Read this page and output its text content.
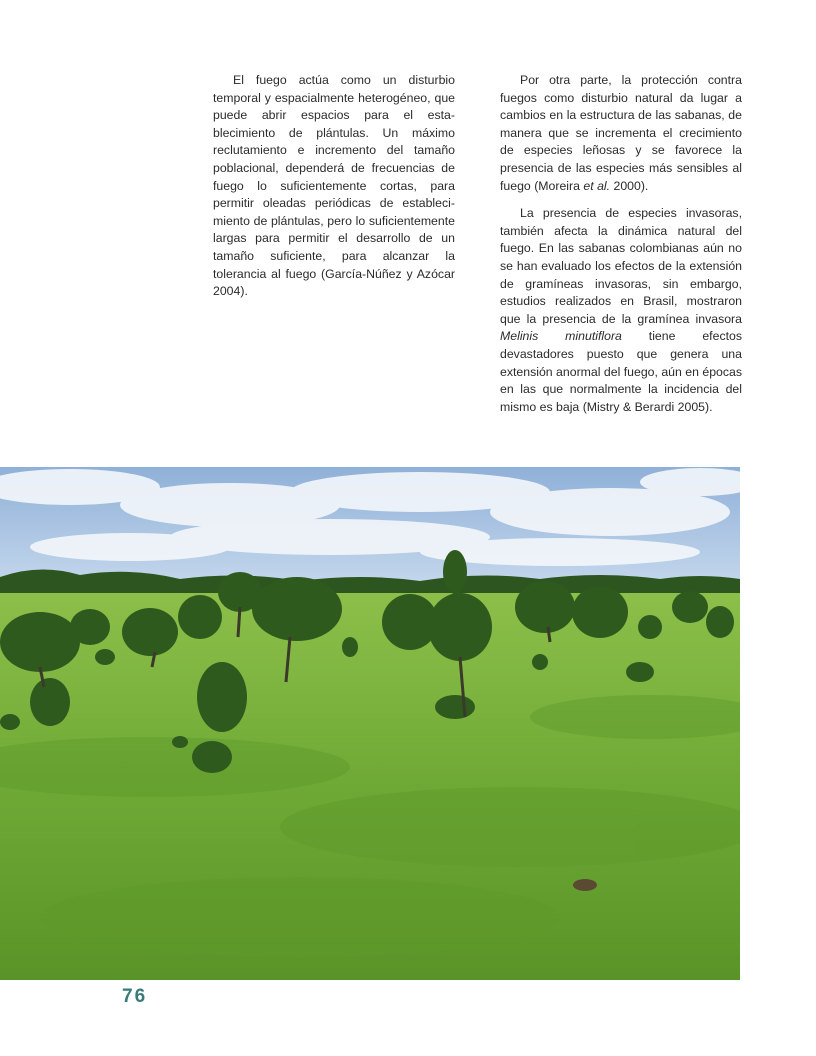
El fuego actúa como un disturbio temporal y espacialmente heterogéneo, que puede abrir espacios para el establecimiento de plántulas. Un máximo reclutamiento e incremento del tamaño poblacional, dependerá de frecuencias de fuego lo suficientemente cortas, para permitir oleadas periódicas de establecimiento de plántulas, pero lo suficientemente largas para permitir el desarrollo de un tamaño suficiente, para alcanzar la tolerancia al fuego (García-Núñez y Azócar 2004).

Por otra parte, la protección contra fuegos como disturbio natural da lugar a cambios en la estructura de las sabanas, de manera que se incrementa el crecimiento de especies leñosas y se favorece la presencia de las especies más sensibles al fuego (Moreira et al. 2000).

La presencia de especies invasoras, también afecta la dinámica natural del fuego. En las sabanas colombianas aún no se han evaluado los efectos de la extensión de gramíneas invasoras, sin embargo, estudios realizados en Brasil, mostraron que la presencia de la gramínea invasora Melinis minutiflora tiene efectos devastadores puesto que genera una extensión anormal del fuego, aún en épocas en las que normalmente la incidencia del mismo es baja (Mistry & Berardi 2005).

76
